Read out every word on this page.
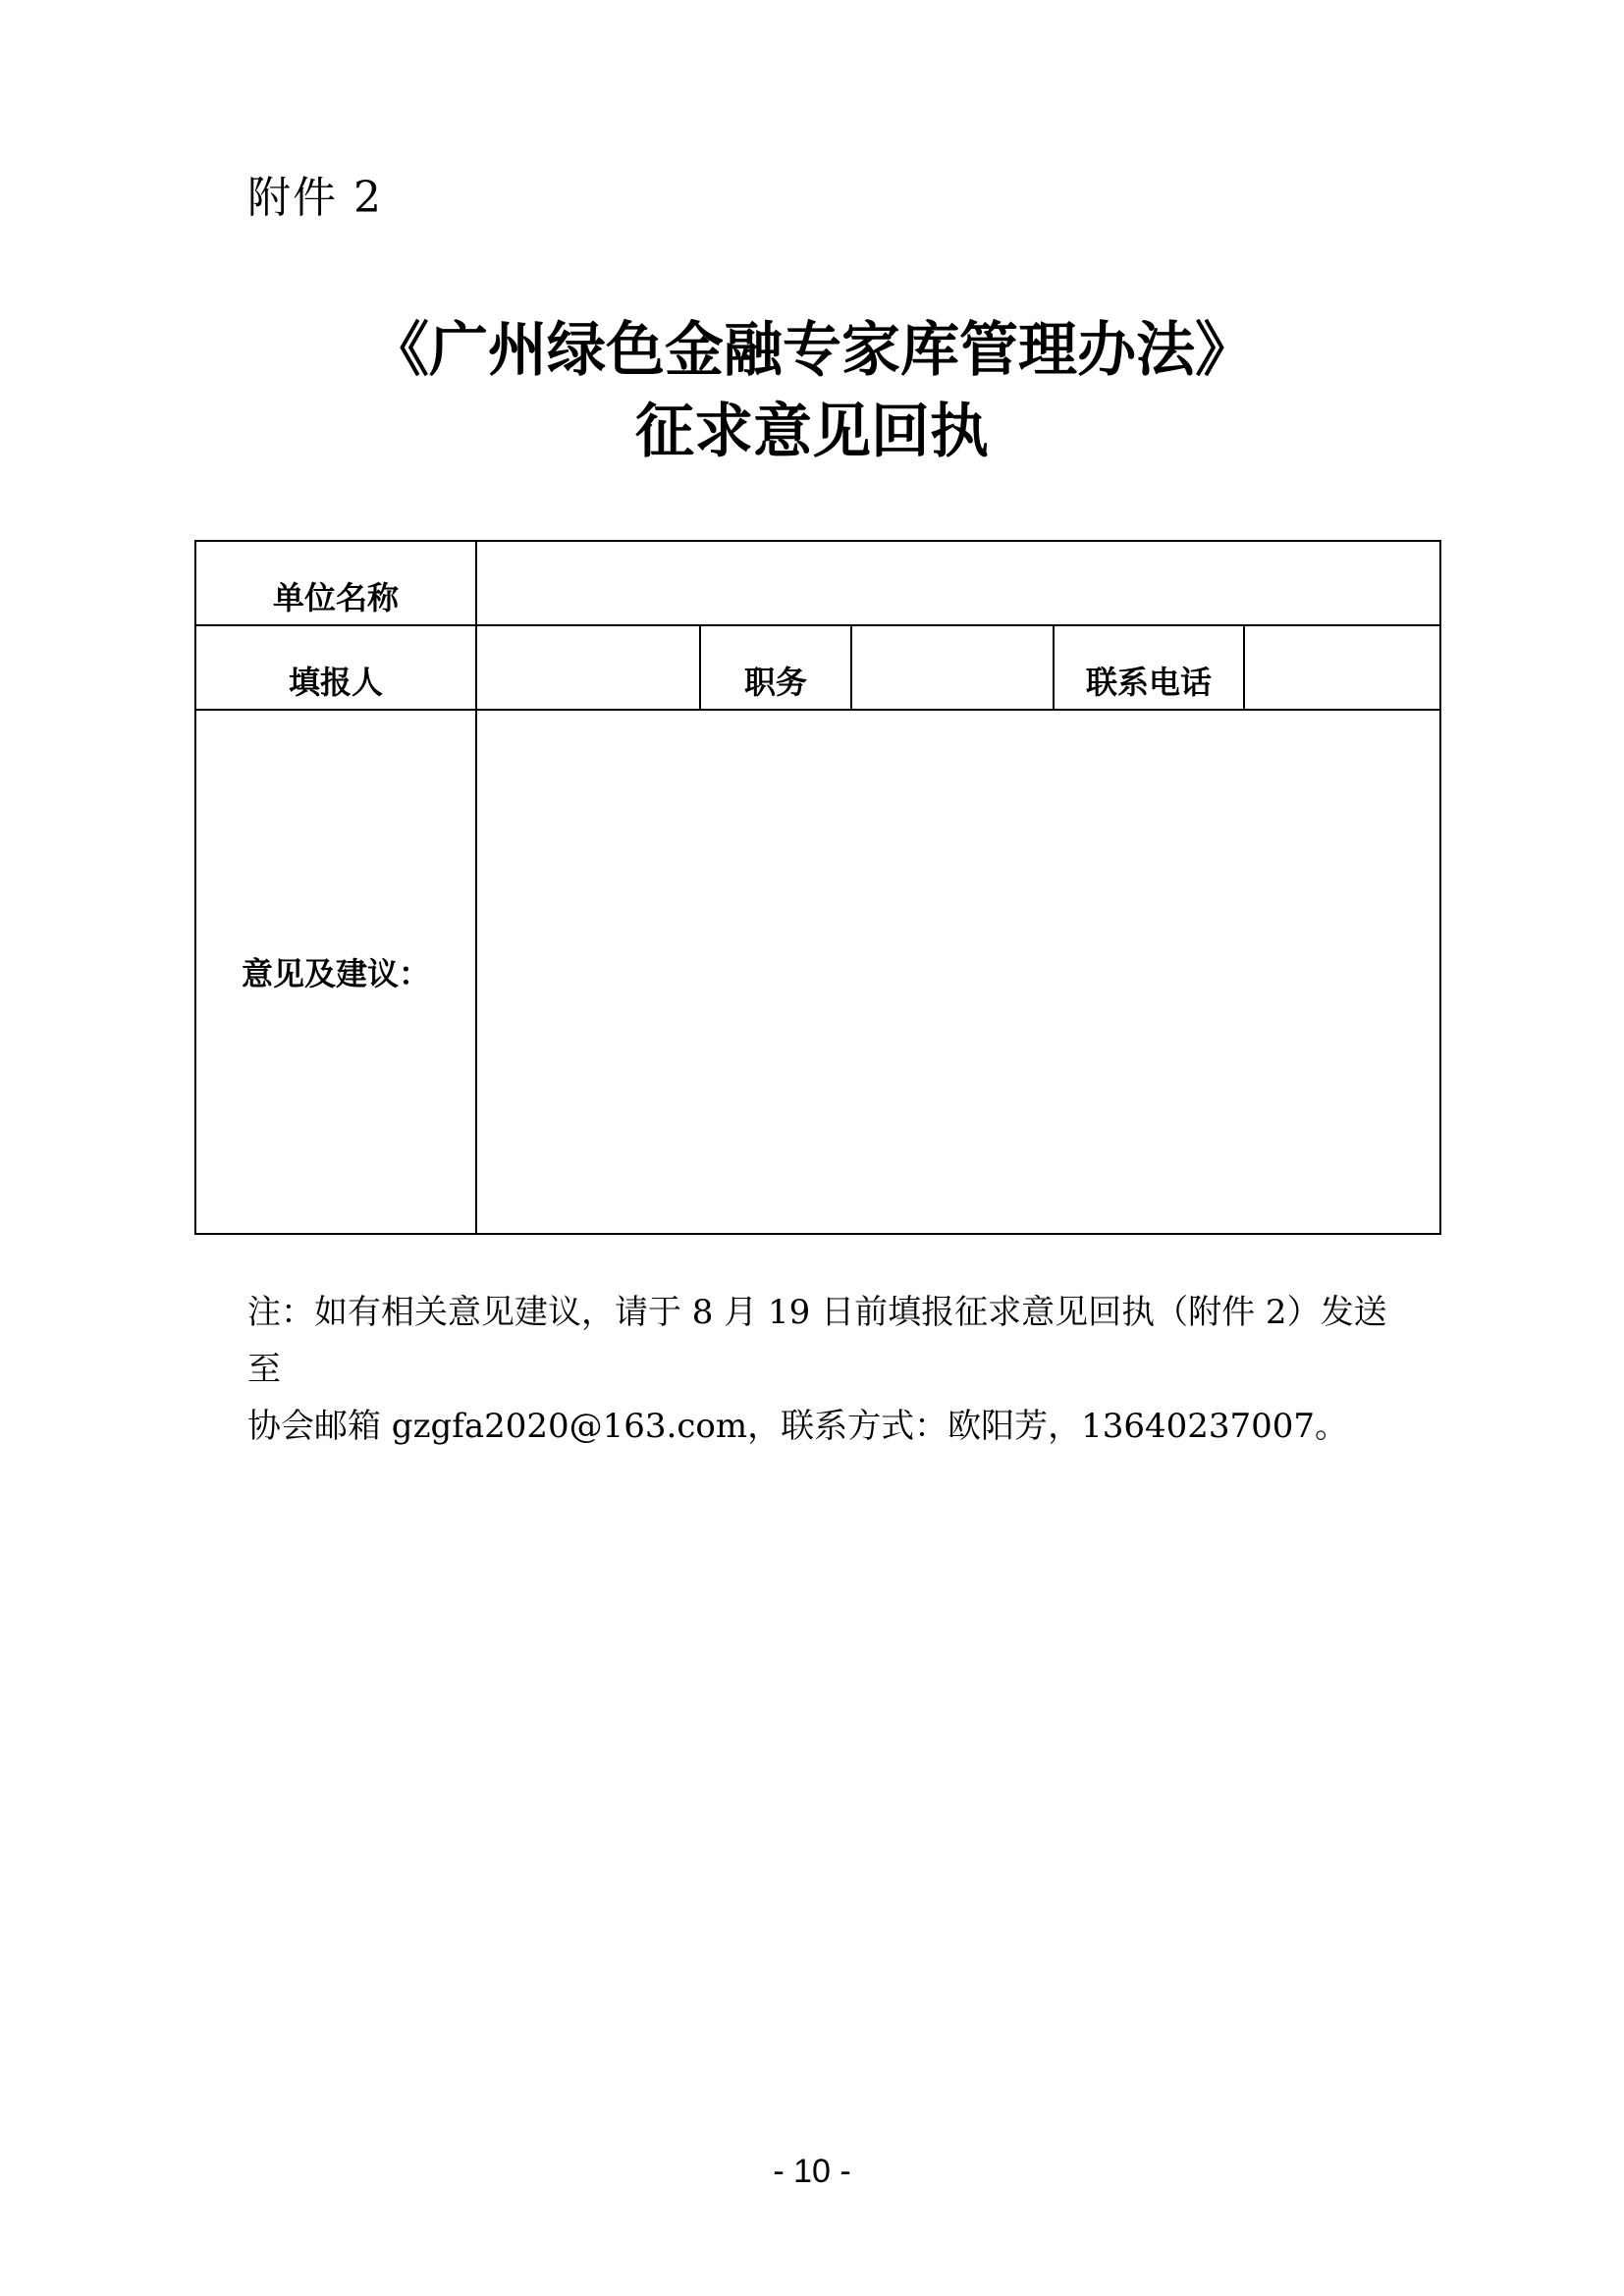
附件 2
《广州绿色金融专家库管理办法》
征求意见回执
单位名称					
填报人		职务		联系电话	
意见及建议：					
注：如有相关意见建议，请于 8 月 19 日前填报征求意见回执（附件 2）发送至
协会邮箱 gzgfa2020@163.com，联系方式：欧阳芳，13640237007。
- 10 -
